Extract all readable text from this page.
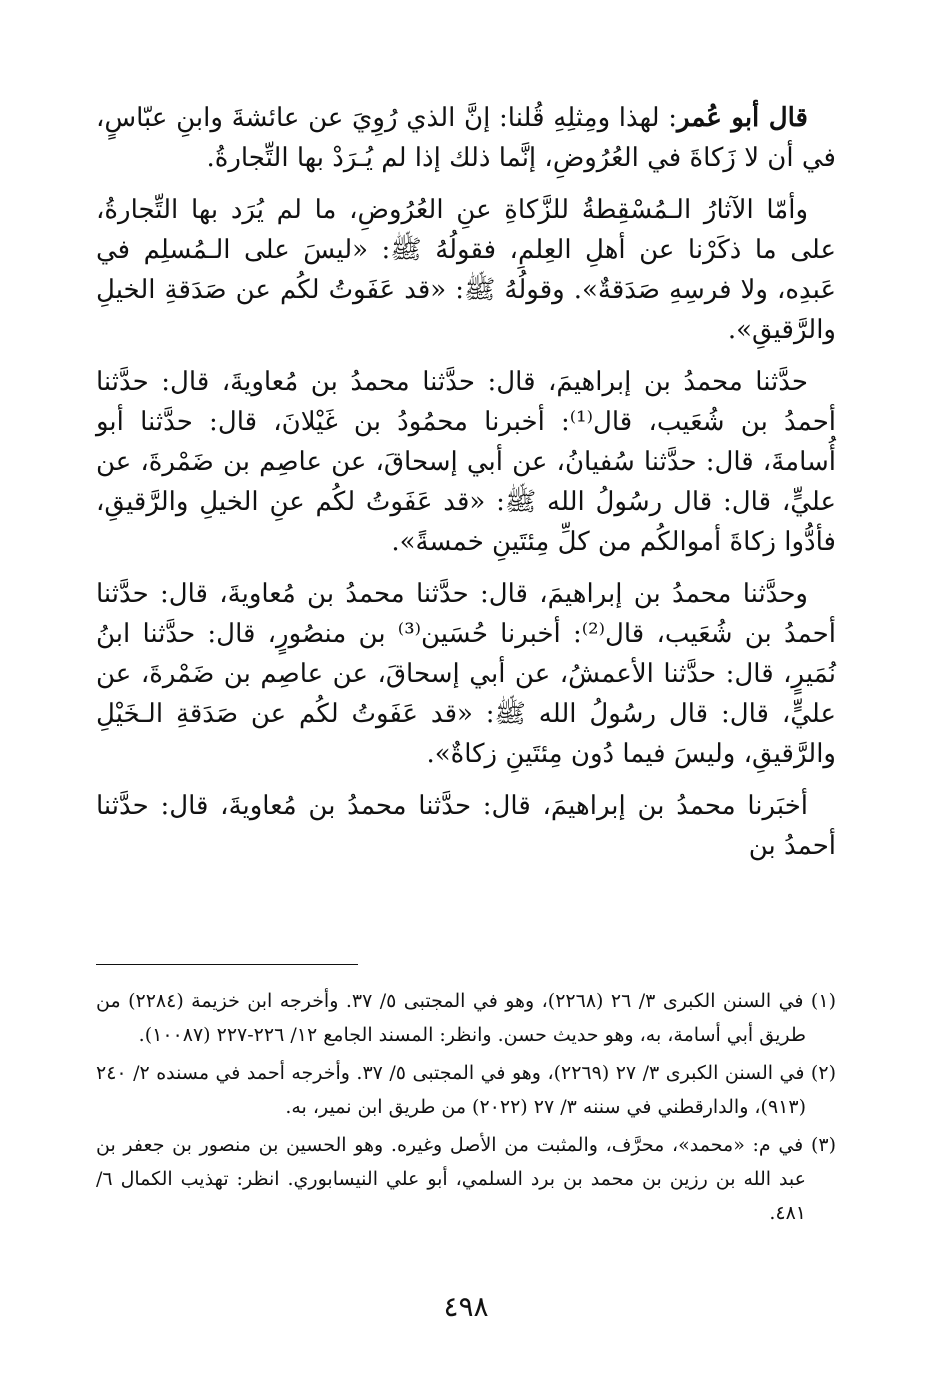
قال أبو عُمر: لهذا ومِثلِهِ قُلنا: إنَّ الذي رُوِيَ عن عائشةَ وابنِ عبّاسٍ، في أن لا زَكاةَ في العُرُوضِ، إنَّما ذلك إذا لم يُـرَدْ بها التِّجارةُ.

وأمّا الآثارُ الـمُسْقِطةُ للزَّكاةِ عنِ العُرُوضِ، ما لم يُرَد بها التِّجارةُ، على ما ذكَرْنا عن أهلِ العِلمِ، فقولُهُ ﷺ: «ليسَ على الـمُسلِم في عَبدِه، ولا فرسِهِ صَدَقةٌ». وقولُهُ ﷺ: «قد عَفَوتُ لكُم عن صَدَقةِ الخيلِ والرَّقيقِ».

حدَّثنا محمدُ بن إبراهيمَ، قال: حدَّثنا محمدُ بن مُعاويةَ، قال: حدَّثنا أحمدُ بن شُعَيب، قال⁽¹⁾: أخبرنا محمُودُ بن غَيْلانَ، قال: حدَّثنا أبو أُسامةَ، قال: حدَّثنا سُفيانُ، عن أبي إسحاقَ، عن عاصِم بن ضَمْرةَ، عن عليٍّ، قال: قال رسُولُ الله ﷺ: «قد عَفَوتُ لكُم عنِ الخيلِ والرَّقيقِ، فأدُّوا زكاةَ أموالكُم من كلِّ مِئتَينِ خمسةً».

وحدَّثنا محمدُ بن إبراهيمَ، قال: حدَّثنا محمدُ بن مُعاويةَ، قال: حدَّثنا أحمدُ بن شُعَيب، قال⁽²⁾: أخبرنا حُسَين⁽³⁾ بن منصُورٍ، قال: حدَّثنا ابنُ نُمَيرٍ، قال: حدَّثنا الأعمشُ، عن أبي إسحاقَ، عن عاصِم بن ضَمْرةَ، عن عليٍّ، قال: قال رسُولُ الله ﷺ: «قد عَفَوتُ لكُم عن صَدَقةِ الـخَيْلِ والرَّقيقِ، وليسَ فيما دُون مِئتَينِ زكاةٌ».

أخبَرنا محمدُ بن إبراهيمَ، قال: حدَّثنا محمدُ بن مُعاويةَ، قال: حدَّثنا أحمدُ بن

(١) في السنن الكبرى ٣/ ٢٦ (٢٢٦٨)، وهو في المجتبى ٥/ ٣٧. وأخرجه ابن خزيمة (٢٢٨٤) من طريق أبي أسامة، به، وهو حديث حسن. وانظر: المسند الجامع ١٢/ ٢٢٦-٢٢٧ (١٠٠٨٧).

(٢) في السنن الكبرى ٣/ ٢٧ (٢٢٦٩)، وهو في المجتبى ٥/ ٣٧. وأخرجه أحمد في مسنده ٢/ ٢٤٠ (٩١٣)، والدارقطني في سننه ٣/ ٢٧ (٢٠٢٢) من طريق ابن نمير، به.

(٣) في م: «محمد»، محرَّف، والمثبت من الأصل وغيره. وهو الحسين بن منصور بن جعفر بن عبد الله بن رزين بن محمد بن برد السلمي، أبو علي النيسابوري. انظر: تهذيب الكمال ٦/ ٤٨١.

٤٩٨
